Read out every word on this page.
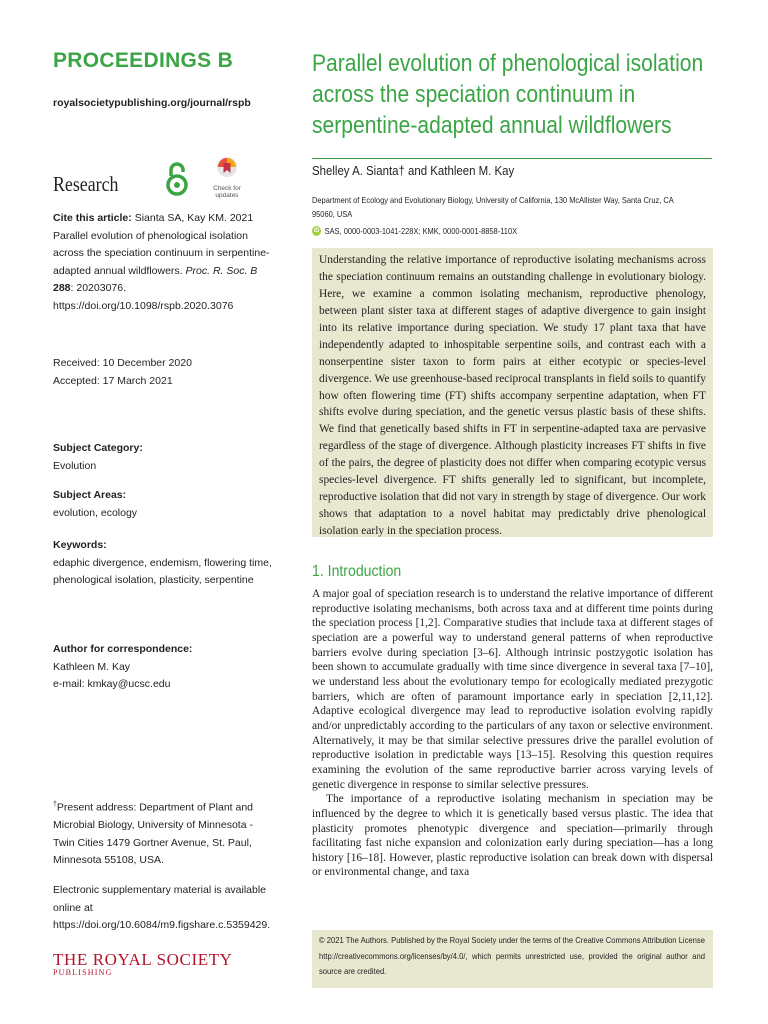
PROCEEDINGS B
royalsocietypublishing.org/journal/rspb
Research	Check for updates
Cite this article: Sianta SA, Kay KM. 2021 Parallel evolution of phenological isolation across the speciation continuum in serpentine-adapted annual wildflowers. Proc. R. Soc. B
288: 20203076.
https://doi.org/10.1098/rspb.2020.3076
Received: 10 December 2020
Accepted: 17 March 2021
Subject Category:
Evolution
Subject Areas:
evolution, ecology
Keywords:
edaphic divergence, endemism, flowering time, phenological isolation, plasticity, serpentine
Author for correspondence:
Kathleen M. Kay
e-mail: kmkay@ucsc.edu
†Present address: Department of Plant and Microbial Biology, University of Minnesota - Twin Cities 1479 Gortner Avenue, St. Paul, Minnesota 55108, USA.
Electronic supplementary material is available online at https://doi.org/10.6084/m9.figshare.c.5359429.
THE ROYAL SOCIETY
PUBLISHING
Parallel evolution of phenological isolation across the speciation continuum in serpentine-adapted annual wildflowers
Shelley A. Sianta† and Kathleen M. Kay
Department of Ecology and Evolutionary Biology, University of California, 130 McAllister Way, Santa Cruz, CA 95060, USA
iD SAS, 0000-0003-1041-228X; KMK, 0000-0001-8858-110X

Understanding the relative importance of reproductive isolating mechanisms across the speciation continuum remains an outstanding challenge in evolutionary biology. Here, we examine a common isolating mechanism, reproductive phenology, between plant sister taxa at different stages of adaptive divergence to gain insight into its relative importance during speciation. We study 17 plant taxa that have independently adapted to inhospitable serpentine soils, and contrast each with a nonserpentine sister taxon to form pairs at either ecotypic or species-level divergence. We use greenhouse-based reciprocal transplants in field soils to quantify how often flowering time (FT) shifts accompany serpentine adaptation, when FT shifts evolve during speciation, and the genetic versus plastic basis of these shifts. We find that genetically based shifts in FT in serpentine-adapted taxa are pervasive regardless of the stage of divergence. Although plasticity increases FT shifts in five of the pairs, the degree of plasticity does not differ when comparing ecotypic versus species-level divergence. FT shifts generally led to significant, but incomplete, reproductive isolation that did not vary in strength by stage of divergence. Our work shows that adaptation to a novel habitat may predictably drive phenological isolation early in the speciation process.

1. Introduction

A major goal of speciation research is to understand the relative importance of different reproductive isolating mechanisms, both across taxa and at different time points during the speciation process [1,2]. Comparative studies that include taxa at different stages of speciation are a powerful way to understand general patterns of when reproductive barriers evolve during speciation [3–6]. Although intrinsic postzygotic isolation has been shown to accumulate gradually with time since divergence in several taxa [7–10], we understand less about the evolutionary tempo for ecologically mediated prezygotic barriers, which are often of paramount importance early in speciation [2,11,12]. Adaptive ecological divergence may lead to reproductive isolation evolving rapidly and/or unpredictably according to the particulars of any taxon or selective environment. Alternatively, it may be that similar selective pressures drive the parallel evolution of reproductive isolation in predictable ways [13–15]. Resolving this question requires examining the evolution of the same reproductive barrier across varying levels of genetic divergence in response to similar selective pressures.

The importance of a reproductive isolating mechanism in speciation may be influenced by the degree to which it is genetically based versus plastic. The idea that plasticity promotes phenotypic divergence and speciation—primarily through facilitating fast niche expansion and colonization early during speciation—has a long history [16–18]. However, plastic reproductive isolation can break down with dispersal or environmental change, and taxa

© 2021 The Authors. Published by the Royal Society under the terms of the Creative Commons Attribution License http://creativecommons.org/licenses/by/4.0/, which permits unrestricted use, provided the original author and source are credited.
